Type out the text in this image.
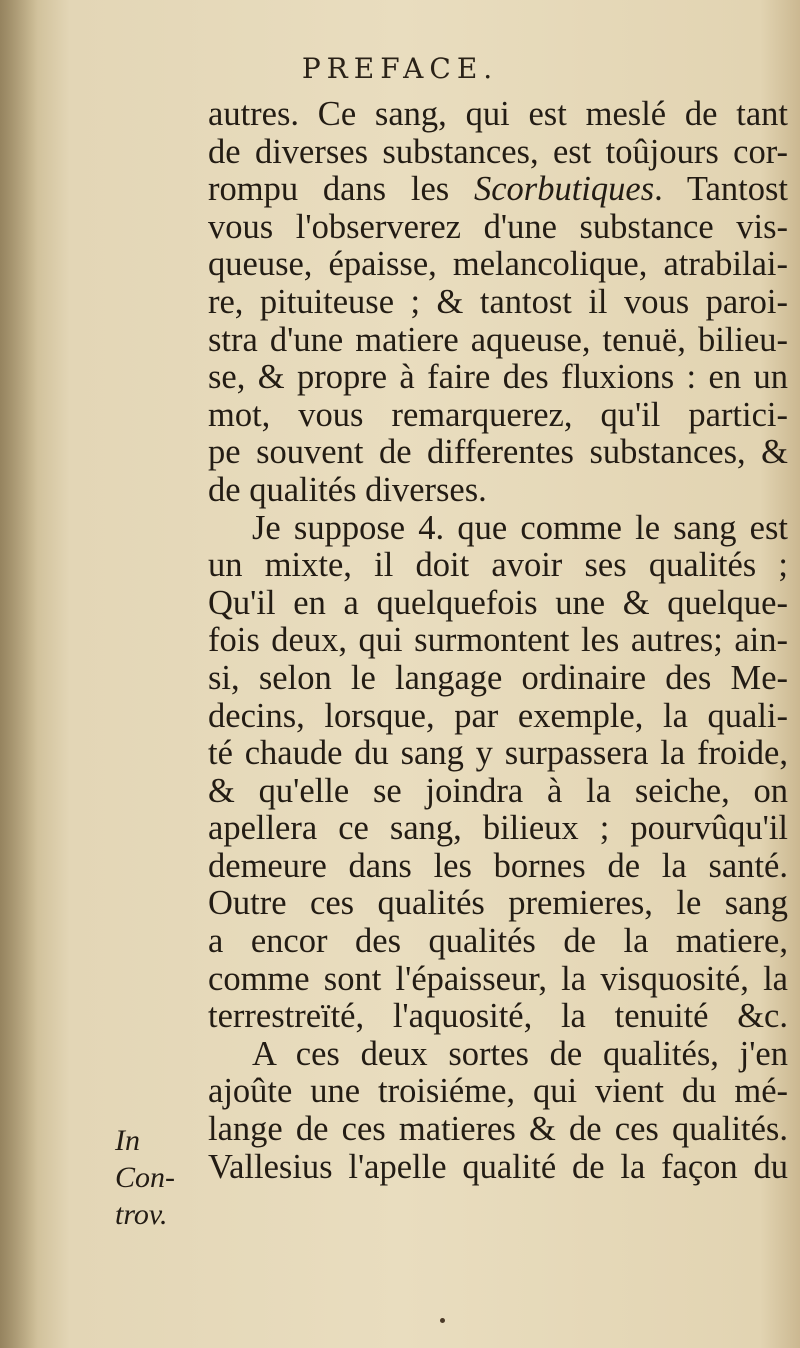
PREFACE.
autres. Ce sang, qui est meslé de tant
de diverses substances, est toûjours cor-
rompu dans les Scorbutiques. Tantost
vous l'observerez d'une substance vis-
queuse, épaisse, melancolique, atrabilai-
re, pituiteuse ; & tantost il vous paroi-
stra d'une matiere aqueuse, tenuë, bilieu-
se, & propre à faire des fluxions : en un
mot, vous remarquerez, qu'il partici-
pe souvent de differentes substances, &
de qualités diverses.
Je suppose 4. que comme le sang est
un mixte, il doit avoir ses qualités ;
Qu'il en a quelquefois une & quelque-
fois deux, qui surmontent les autres; ain-
si, selon le langage ordinaire des Me-
decins, lorsque, par exemple, la quali-
té chaude du sang y surpassera la froide,
& qu'elle se joindra à la seiche, on
apellera ce sang, bilieux ; pourvûqu'il
demeure dans les bornes de la santé.
Outre ces qualités premieres, le sang
a encor des qualités de la matiere,
comme sont l'épaisseur, la visquosité, la
terrestreïté, l'aquosité, la tenuité &c.
A ces deux sortes de qualités, j'en
ajoûte une troisiéme, qui vient du mé-
lange de ces matieres & de ces qualités.
Vallesius l'apelle qualité de la façon du
In
Con-
trov.
